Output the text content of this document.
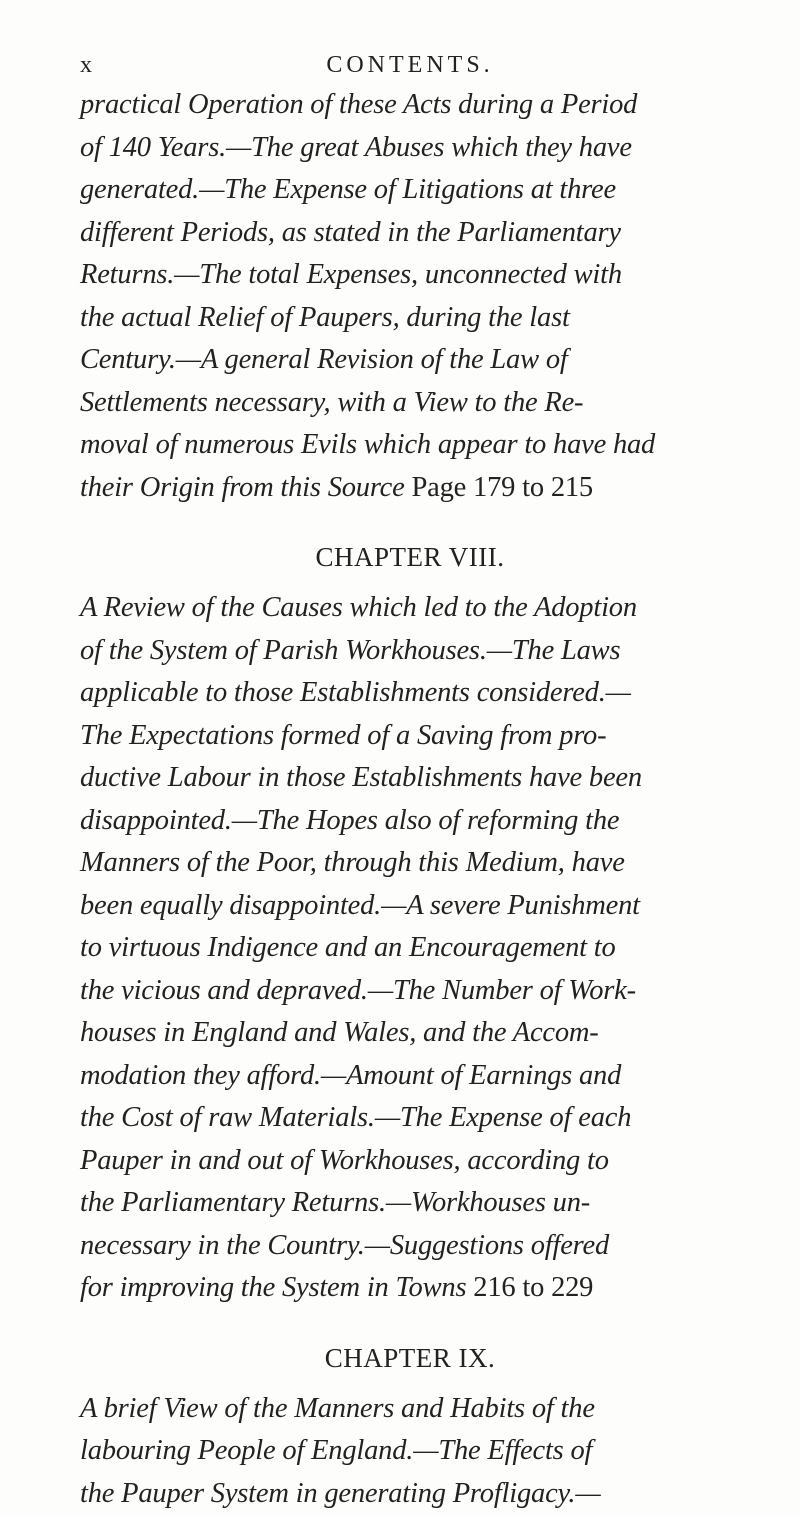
x	CONTENTS.
practical Operation of these Acts during a Period
of 140 Years.—The great Abuses which they have
generated.—The Expense of Litigations at three
different Periods, as stated in the Parliamentary
Returns.—The total Expenses, unconnected with
the actual Relief of Paupers, during the last
Century.—A general Revision of the Law of
Settlements necessary, with a View to the Re-
moval of numerous Evils which appear to have had
their Origin from this Source Page 179 to 215
CHAPTER VIII.
A Review of the Causes which led to the Adoption
of the System of Parish Workhouses.—The Laws
applicable to those Establishments considered.—
The Expectations formed of a Saving from pro-
ductive Labour in those Establishments have been
disappointed.—The Hopes also of reforming the
Manners of the Poor, through this Medium, have
been equally disappointed.—A severe Punishment
to virtuous Indigence and an Encouragement to
the vicious and depraved.—The Number of Work-
houses in England and Wales, and the Accom-
modation they afford.—Amount of Earnings and
the Cost of raw Materials.—The Expense of each
Pauper in and out of Workhouses, according to
the Parliamentary Returns.—Workhouses un-
necessary in the Country.—Suggestions offered
for improving the System in Towns 216 to 229
CHAPTER IX.
A brief View of the Manners and Habits of the
labouring People of England.—The Effects of
the Pauper System in generating Profligacy.—
